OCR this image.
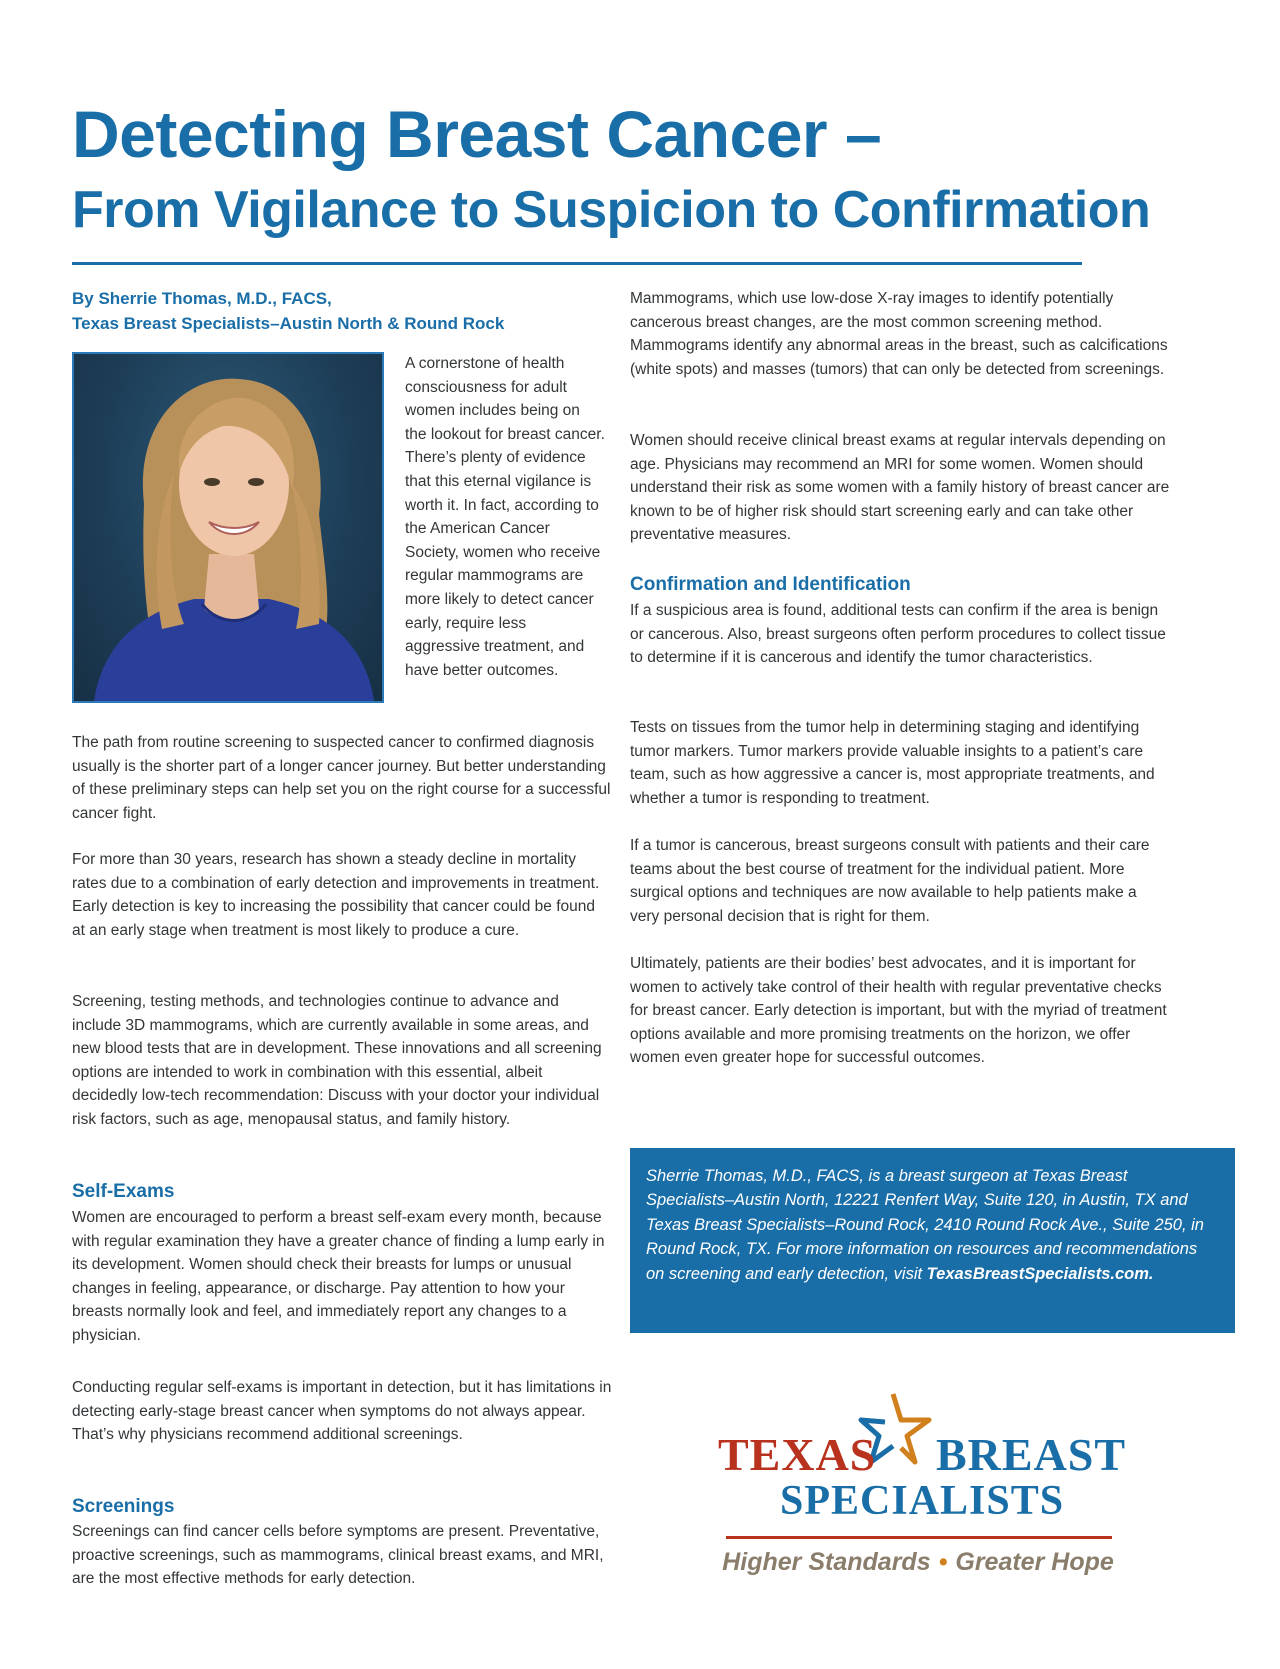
Detecting Breast Cancer –
From Vigilance to Suspicion to Confirmation
By Sherrie Thomas, M.D., FACS,
Texas Breast Specialists–Austin North & Round Rock

A cornerstone of health consciousness for adult women includes being on the lookout for breast cancer. There’s plenty of evidence that this eternal vigilance is worth it. In fact, according to the American Cancer Society, women who receive regular mammograms are more likely to detect cancer early, require less aggressive treatment, and have better outcomes.

The path from routine screening to suspected cancer to confirmed diagnosis usually is the shorter part of a longer cancer journey. But better understanding of these preliminary steps can help set you on the right course for a successful cancer fight.

For more than 30 years, research has shown a steady decline in mortality rates due to a combination of early detection and improvements in treatment. Early detection is key to increasing the possibility that cancer could be found at an early stage when treatment is most likely to produce a cure.

Screening, testing methods, and technologies continue to advance and include 3D mammograms, which are currently available in some areas, and new blood tests that are in development. These innovations and all screening options are intended to work in combination with this essential, albeit decidedly low-tech recommendation: Discuss with your doctor your individual risk factors, such as age, menopausal status, and family history.

Self-Exams

Women are encouraged to perform a breast self-exam every month, because with regular examination they have a greater chance of finding a lump early in its development. Women should check their breasts for lumps or unusual changes in feeling, appearance, or discharge. Pay attention to how your breasts normally look and feel, and immediately report any changes to a physician.

Conducting regular self-exams is important in detection, but it has limitations in detecting early-stage breast cancer when symptoms do not always appear. That’s why physicians recommend additional screenings.

Screenings

Screenings can find cancer cells before symptoms are present. Preventative, proactive screenings, such as mammograms, clinical breast exams, and MRI, are the most effective methods for early detection.

Mammograms, which use low-dose X-ray images to identify potentially cancerous breast changes, are the most common screening method. Mammograms identify any abnormal areas in the breast, such as calcifications (white spots) and masses (tumors) that can only be detected from screenings.

Women should receive clinical breast exams at regular intervals depending on age. Physicians may recommend an MRI for some women. Women should understand their risk as some women with a family history of breast cancer are known to be of higher risk should start screening early and can take other preventative measures.

Confirmation and Identification

If a suspicious area is found, additional tests can confirm if the area is benign or cancerous. Also, breast surgeons often perform procedures to collect tissue to determine if it is cancerous and identify the tumor characteristics.

Tests on tissues from the tumor help in determining staging and identifying tumor markers. Tumor markers provide valuable insights to a patient’s care team, such as how aggressive a cancer is, most appropriate treatments, and whether a tumor is responding to treatment.

If a tumor is cancerous, breast surgeons consult with patients and their care teams about the best course of treatment for the individual patient. More surgical options and techniques are now available to help patients make a very personal decision that is right for them.

Ultimately, patients are their bodies’ best advocates, and it is important for women to actively take control of their health with regular preventative checks for breast cancer. Early detection is important, but with the myriad of treatment options available and more promising treatments on the horizon, we offer women even greater hope for successful outcomes.

Sherrie Thomas, M.D., FACS, is a breast surgeon at Texas Breast Specialists–Austin North, 12221 Renfert Way, Suite 120, in Austin, TX and Texas Breast Specialists–Round Rock, 2410 Round Rock Ave., Suite 250, in Round Rock, TX. For more information on resources and recommendations on screening and early detection, visit TexasBreastSpecialists.com.

TEXAS BREAST
SPECIALISTS
Higher Standards • Greater Hope
